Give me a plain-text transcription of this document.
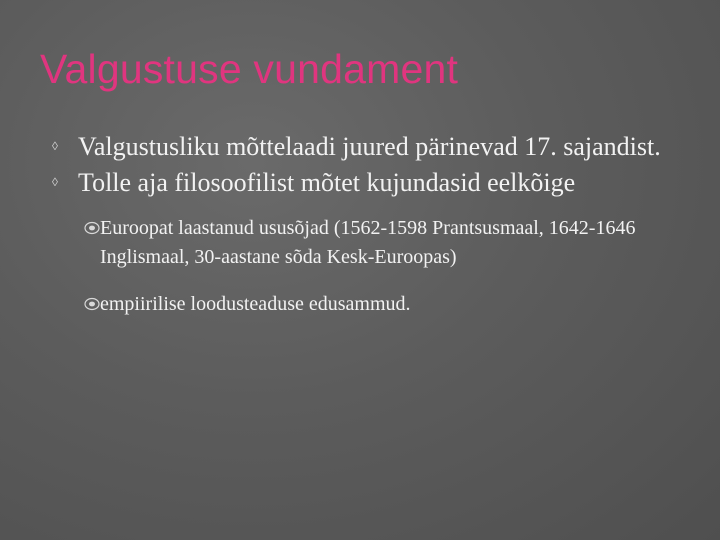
Valgustuse vundament
◊ Valgustusliku mõttelaadi juured pärinevad 17. sajandist.
◊ Tolle aja filosoofilist mõtet kujundasid eelkõige
Euroopat laastanud ususõjad (1562-1598 Prantsusmaal, 1642-1646 Inglismaal, 30-aastane sõda Kesk-Euroopas)
empiirilise loodusteaduse edusammud.
